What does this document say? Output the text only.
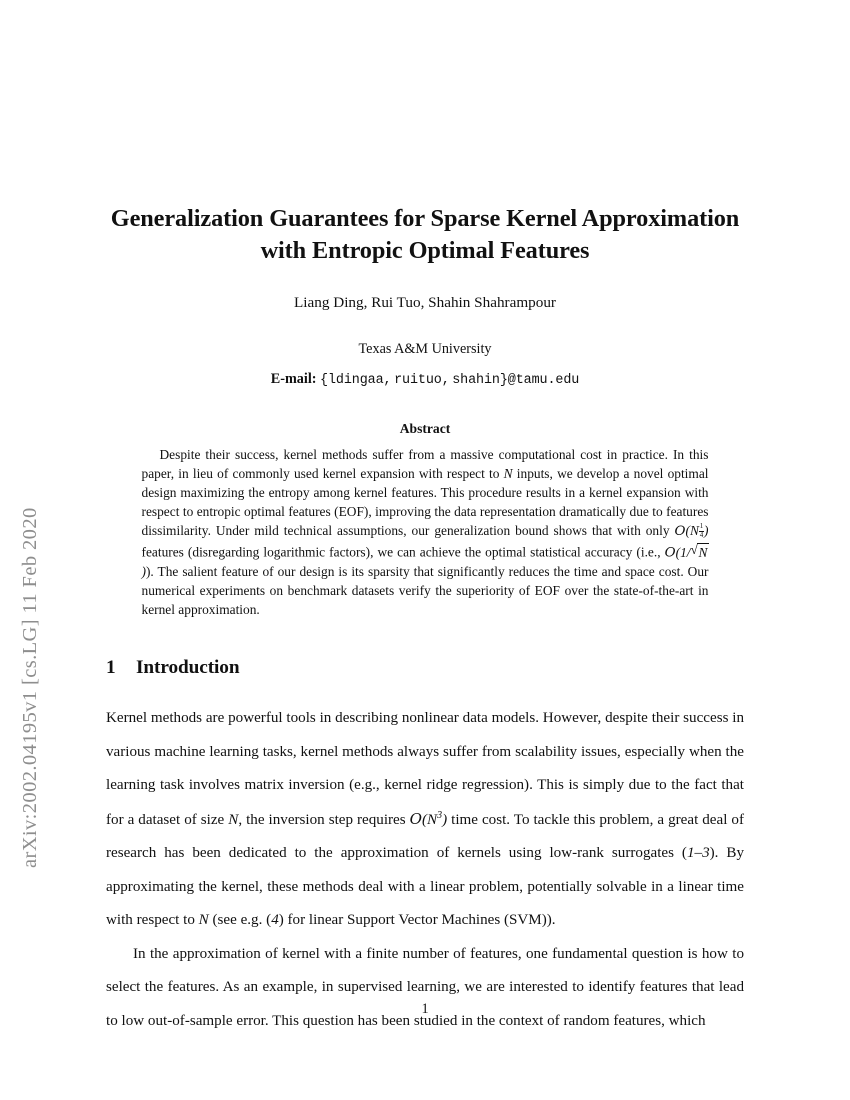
arXiv:2002.04195v1 [cs.LG] 11 Feb 2020
Generalization Guarantees for Sparse Kernel Approximation
with Entropic Optimal Features
Liang Ding, Rui Tuo, Shahin Shahrampour
Texas A&M University
E-mail: {ldingaa, ruituo, shahin}@tamu.edu
Abstract
Despite their success, kernel methods suffer from a massive computational cost in practice. In this paper, in lieu of commonly used kernel expansion with respect to N inputs, we develop a novel optimal design maximizing the entropy among kernel features. This procedure results in a kernel expansion with respect to entropic optimal features (EOF), improving the data representation dramatically due to features dissimilarity. Under mild technical assumptions, our generalization bound shows that with only $O(N \frac{1}{4}$ ) features (disregarding logarithmic factors), we can achieve the optimal statistical accuracy (i.e., O(1/ √ N)). The salient feature of our design is its sparsity that significantly reduces the time and space cost. Our numerical experiments on benchmark datasets verify the superiority of EOF over the state-of-the-art in kernel approximation.
1 Introduction

Kernel methods are powerful tools in describing nonlinear data models. However, despite their success in various machine learning tasks, kernel methods always suffer from scalability issues, especially when the learning task involves matrix inversion (e.g., kernel ridge regression). This is simply due to the fact that for a dataset of size N, the inversion step requires $O(N^3)$ time cost. To tackle this problem, a great deal of research has been dedicated to the approximation of kernels using low-rank surrogates (1–3). By approximating the kernel, these methods deal with a linear problem, potentially solvable in a linear time with respect to N (see e.g. (4) for linear Support Vector Machines (SVM)).

In the approximation of kernel with a finite number of features, one fundamental question is how to select the features. As an example, in supervised learning, we are interested to identify features that lead to low out-of-sample error. This question has been studied in the context of random features, which

1
